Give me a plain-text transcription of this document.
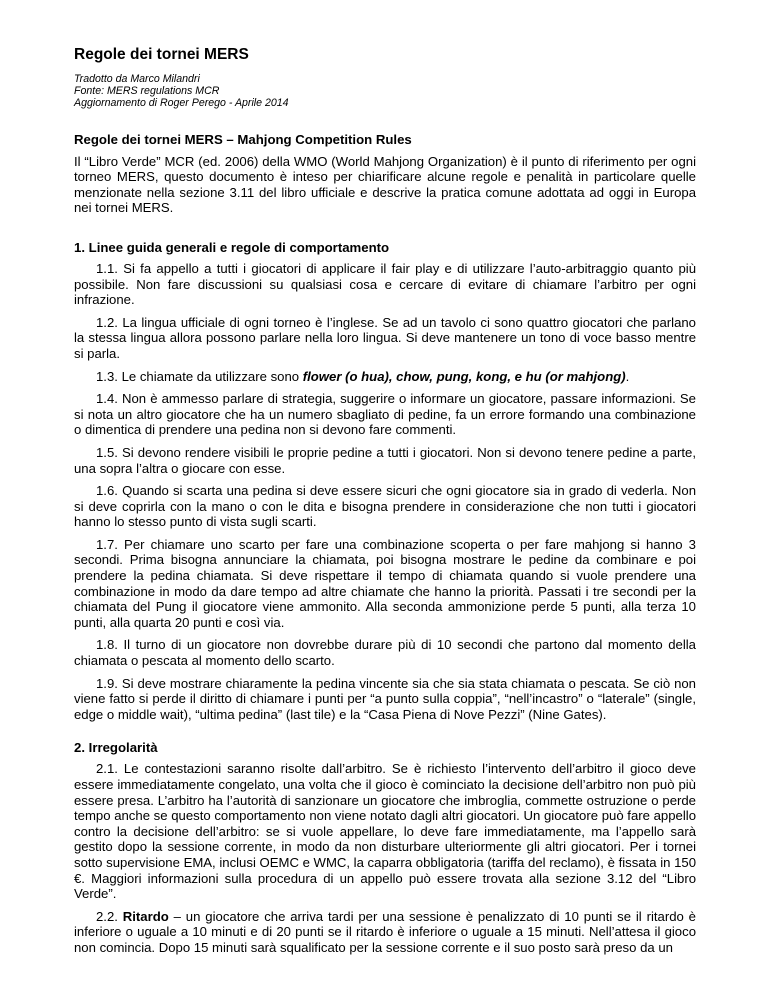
Regole dei tornei MERS
Tradotto da Marco Milandri
Fonte: MERS regulations MCR
Aggiornamento di Roger Perego - Aprile 2014
Regole dei tornei MERS – Mahjong Competition Rules

Il “Libro Verde” MCR (ed. 2006) della WMO (World Mahjong Organization) è il punto di riferimento per ogni torneo MERS, questo documento è inteso per chiarificare alcune regole e penalità in particolare quelle menzionate nella sezione 3.11 del libro ufficiale e descrive la pratica comune adottata ad oggi in Europa nei tornei MERS.

1. Linee guida generali e regole di comportamento

1.1. Si fa appello a tutti i giocatori di applicare il fair play e di utilizzare l’auto-arbitraggio quanto più possibile. Non fare discussioni su qualsiasi cosa e cercare di evitare di chiamare l’arbitro per ogni infrazione.

1.2. La lingua ufficiale di ogni torneo è l’inglese. Se ad un tavolo ci sono quattro giocatori che parlano la stessa lingua allora possono parlare nella loro lingua. Si deve mantenere un tono di voce basso mentre si parla.

1.3. Le chiamate da utilizzare sono flower (o hua), chow, pung, kong, e hu (or mahjong).

1.4. Non è ammesso parlare di strategia, suggerire o informare un giocatore, passare informazioni. Se si nota un altro giocatore che ha un numero sbagliato di pedine, fa un errore formando una combinazione o dimentica di prendere una pedina non si devono fare commenti.

1.5. Si devono rendere visibili le proprie pedine a tutti i giocatori. Non si devono tenere pedine a parte, una sopra l’altra o giocare con esse.

1.6. Quando si scarta una pedina si deve essere sicuri che ogni giocatore sia in grado di vederla. Non si deve coprirla con la mano o con le dita e bisogna prendere in considerazione che non tutti i giocatori hanno lo stesso punto di vista sugli scarti.

1.7. Per chiamare uno scarto per fare una combinazione scoperta o per fare mahjong si hanno 3 secondi. Prima bisogna annunciare la chiamata, poi bisogna mostrare le pedine da combinare e poi prendere la pedina chiamata. Si deve rispettare il tempo di chiamata quando si vuole prendere una combinazione in modo da dare tempo ad altre chiamate che hanno la priorità. Passati i tre secondi per la chiamata del Pung il giocatore viene ammonito. Alla seconda ammonizione perde 5 punti, alla terza 10 punti, alla quarta 20 punti e così via.

1.8. Il turno di un giocatore non dovrebbe durare più di 10 secondi che partono dal momento della chiamata o pescata al momento dello scarto.

1.9. Si deve mostrare chiaramente la pedina vincente sia che sia stata chiamata o pescata. Se ciò non viene fatto si perde il diritto di chiamare i punti per “a punto sulla coppia”, “nell’incastro” o “laterale” (single, edge o middle wait), “ultima pedina” (last tile) e la “Casa Piena di Nove Pezzi” (Nine Gates).

2. Irregolarità

2.1. Le contestazioni saranno risolte dall’arbitro. Se è richiesto l’intervento dell’arbitro il gioco deve essere immediatamente congelato, una volta che il gioco è cominciato la decisione dell’arbitro non può più essere presa. L’arbitro ha l’autorità di sanzionare un giocatore che imbroglia, commette ostruzione o perde tempo anche se questo comportamento non viene notato dagli altri giocatori. Un giocatore può fare appello contro la decisione dell’arbitro: se si vuole appellare, lo deve fare immediatamente, ma l’appello sarà gestito dopo la sessione corrente, in modo da non disturbare ulteriormente gli altri giocatori. Per i tornei sotto supervisione EMA, inclusi OEMC e WMC, la caparra obbligatoria (tariffa del reclamo), è fissata in 150 €. Maggiori informazioni sulla procedura di un appello può essere trovata alla sezione 3.12 del “Libro Verde”.

2.2. Ritardo – un giocatore che arriva tardi per una sessione è penalizzato di 10 punti se il ritardo è inferiore o uguale a 10 minuti e di 20 punti se il ritardo è inferiore o uguale a 15 minuti. Nell’attesa il gioco non comincia. Dopo 15 minuti sarà squalificato per la sessione corrente e il suo posto sarà preso da un
